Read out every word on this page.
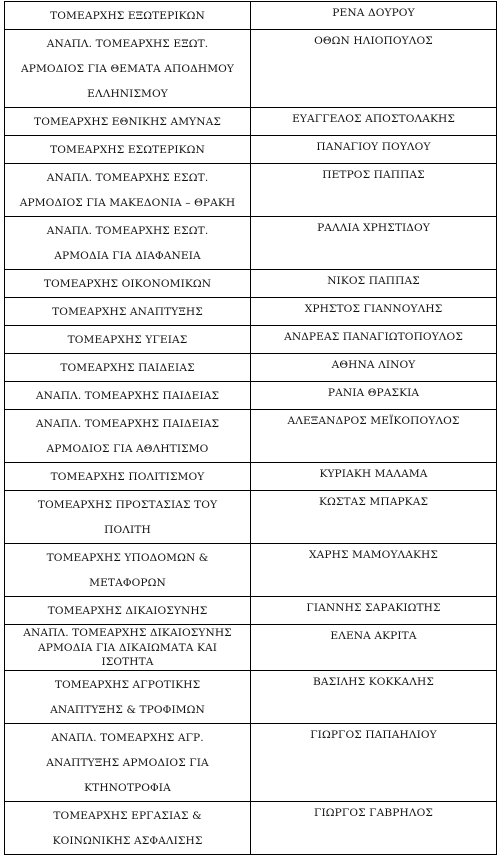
ΤΟΜΕΑΡΧΗΣ ΕΞΩΤΕΡΙΚΩΝ	ΡΕΝΑ ΔΟΥΡΟΥ

ΑΝΑΠΛ. ΤΟΜΕΑΡΧΗΣ ΕΞΩΤ.
ΑΡΜΟΔΙΟΣ ΓΙΑ ΘΕΜΑΤΑ ΑΠΟΔΗΜΟΥ
ΕΛΛΗΝΙΣΜΟΥ	ΟΘΩΝ ΗΛΙΟΠΟΥΛΟΣ

ΤΟΜΕΑΡΧΗΣ ΕΘΝΙΚΗΣ ΑΜΥΝΑΣ	ΕΥΑΓΓΕΛΟΣ ΑΠΟΣΤΟΛΑΚΗΣ

ΤΟΜΕΑΡΧΗΣ ΕΣΩΤΕΡΙΚΩΝ	ΠΑΝΑΓΙΟΥ ΠΟΥΛΟΥ

ΑΝΑΠΛ. ΤΟΜΕΑΡΧΗΣ ΕΣΩΤ.
ΑΡΜΟΔΙΟΣ ΓΙΑ ΜΑΚΕΔΟΝΙΑ – ΘΡΑΚΗ	ΠΕΤΡΟΣ ΠΑΠΠΑΣ

ΑΝΑΠΛ. ΤΟΜΕΑΡΧΗΣ ΕΣΩΤ.
ΑΡΜΟΔΙΑ ΓΙΑ ΔΙΑΦΑΝΕΙΑ	ΡΑΛΛΙΑ ΧΡΗΣΤΙΔΟΥ

ΤΟΜΕΑΡΧΗΣ ΟΙΚΟΝΟΜΙΚΩΝ	ΝΙΚΟΣ ΠΑΠΠΑΣ

ΤΟΜΕΑΡΧΗΣ ΑΝΑΠΤΥΞΗΣ	ΧΡΗΣΤΟΣ ΓΙΑΝΝΟΥΛΗΣ

ΤΟΜΕΑΡΧΗΣ ΥΓΕΙΑΣ	ΑΝΔΡΕΑΣ ΠΑΝΑΓΙΩΤΟΠΟΥΛΟΣ

ΤΟΜΕΑΡΧΗΣ ΠΑΙΔΕΙΑΣ	ΑΘΗΝΑ ΛΙΝΟΥ

ΑΝΑΠΛ. ΤΟΜΕΑΡΧΗΣ ΠΑΙΔΕΙΑΣ	ΡΑΝΙΑ ΘΡΑΣΚΙΑ

ΑΝΑΠΛ. ΤΟΜΕΑΡΧΗΣ ΠΑΙΔΕΙΑΣ
ΑΡΜΟΔΙΟΣ ΓΙΑ ΑΘΛΗΤΙΣΜΟ	ΑΛΕΞΑΝΔΡΟΣ ΜΕΪΚΟΠΟΥΛΟΣ

ΤΟΜΕΑΡΧΗΣ ΠΟΛΙΤΙΣΜΟΥ	ΚΥΡΙΑΚΗ ΜΑΛΑΜΑ

ΤΟΜΕΑΡΧΗΣ ΠΡΟΣΤΑΣΙΑΣ ΤΟΥ
ΠΟΛΙΤΗ	ΚΩΣΤΑΣ ΜΠΑΡΚΑΣ

ΤΟΜΕΑΡΧΗΣ ΥΠΟΔΟΜΩΝ &
ΜΕΤΑΦΟΡΩΝ	ΧΑΡΗΣ ΜΑΜΟΥΛΑΚΗΣ

ΤΟΜΕΑΡΧΗΣ ΔΙΚΑΙΟΣΥΝΗΣ	ΓΙΑΝΝΗΣ ΣΑΡΑΚΙΩΤΗΣ

ΑΝΑΠΛ. ΤΟΜΕΑΡΧΗΣ ΔΙΚΑΙΟΣΥΝΗΣ
ΑΡΜΟΔΙΑ ΓΙΑ ΔΙΚΑΙΩΜΑΤΑ ΚΑΙ
ΙΣΟΤΗΤΑ	ΕΛΕΝΑ ΑΚΡΙΤΑ

ΤΟΜΕΑΡΧΗΣ ΑΓΡΟΤΙΚΗΣ
ΑΝΑΠΤΥΞΗΣ & ΤΡΟΦΙΜΩΝ	ΒΑΣΙΛΗΣ ΚΟΚΚΑΛΗΣ

ΑΝΑΠΛ. ΤΟΜΕΑΡΧΗΣ ΑΓΡ.
ΑΝΑΠΤΥΞΗΣ ΑΡΜΟΔΙΟΣ ΓΙΑ
ΚΤΗΝΟΤΡΟΦΙΑ	ΓΙΩΡΓΟΣ ΠΑΠΑΗΛΙΟΥ

ΤΟΜΕΑΡΧΗΣ ΕΡΓΑΣΙΑΣ &
ΚΟΙΝΩΝΙΚΗΣ ΑΣΦΑΛΙΣΗΣ	ΓΙΩΡΓΟΣ ΓΑΒΡΗΛΟΣ
